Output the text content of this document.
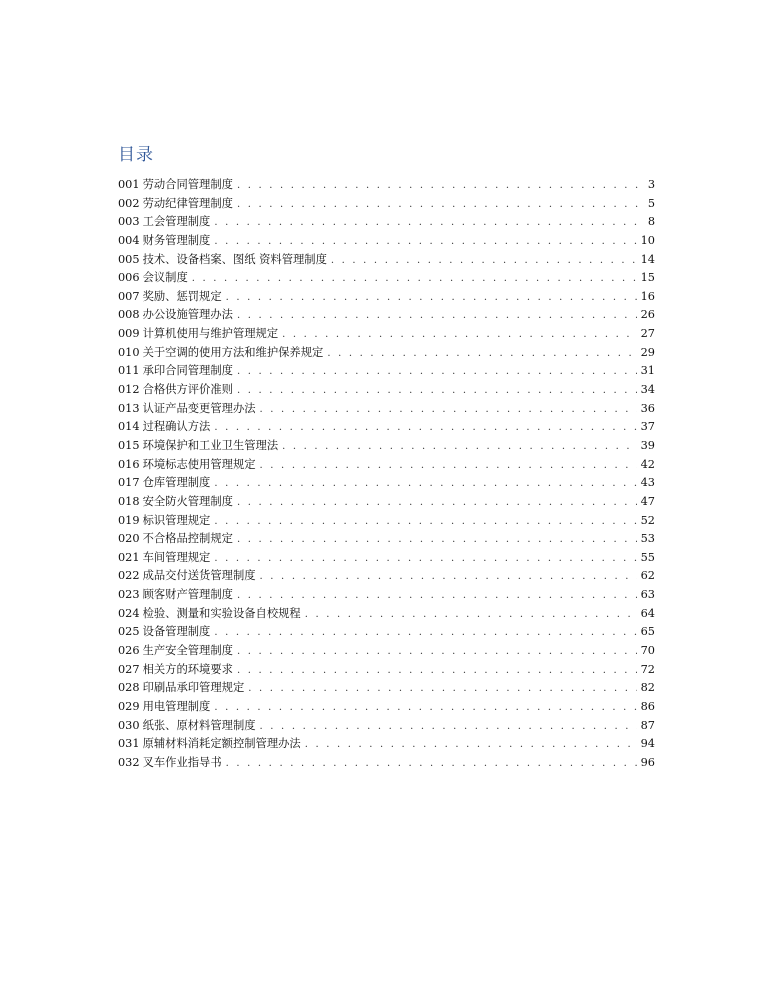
目录
001 劳动合同管理制度 . . .	3
002 劳动纪律管理制度 . . .	5
003 工会管理制度 . . .	8
004 财务管理制度 . . .	10
005 技术、设备档案、图纸 资料管理制度 . . .	14
006 会议制度 . . .	15
007 奖励、惩罚规定 . . .	16
008 办公设施管理办法 . . .	26
009 计算机使用与维护管理规定 . . .	27
010 关于空调的使用方法和维护保养规定 . . .	29
011 承印合同管理制度 . . .	31
012 合格供方评价准则 . . .	34
013 认证产品变更管理办法 . . .	36
014 过程确认方法 . . .	37
015 环境保护和工业卫生管理法 . . .	39
016 环境标志使用管理规定 . . .	42
017 仓库管理制度 . . .	43
018 安全防火管理制度 . . .	47
019 标识管理规定 . . .	52
020 不合格品控制规定 . . .	53
021 车间管理规定 . . .	55
022 成品交付送货管理制度 . . .	62
023 顾客财产管理制度 . . .	63
024 检验、测量和实验设备自校规程 . . .	64
025 设备管理制度 . . .	65
026 生产安全管理制度 . . .	70
027 相关方的环境要求 . . .	72
028 印刷品承印管理规定 . . .	82
029 用电管理制度 . . .	86
030 纸张、原材料管理制度 . . .	87
031 原辅材料消耗定额控制管理办法 . . .	94
032 叉车作业指导书 . . .	96
